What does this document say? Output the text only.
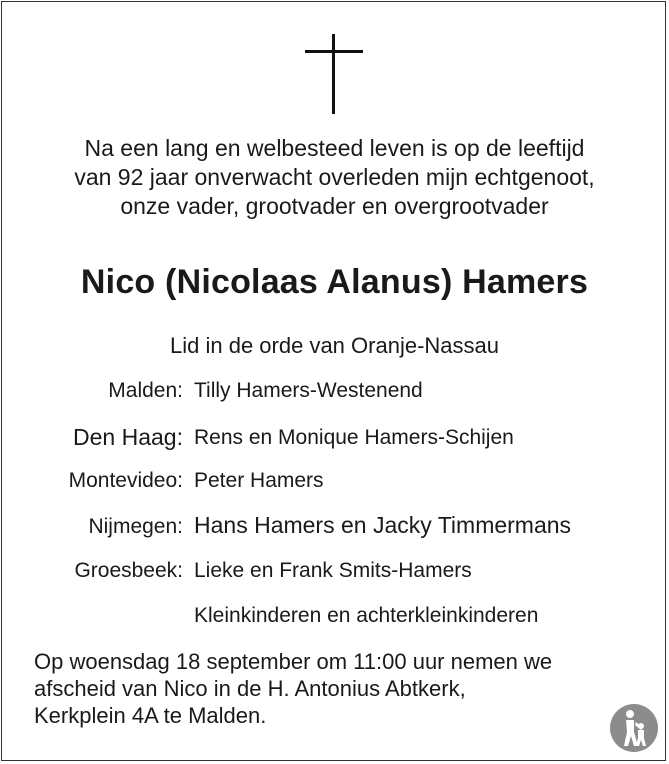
Na een lang en welbesteed leven is op de leeftijd
van 92 jaar onverwacht overleden mijn echtgenoot,
onze vader, grootvader en overgrootvader
Nico (Nicolaas Alanus) Hamers
Lid in de orde van Oranje-Nassau
Malden: Tilly Hamers-Westenend
Den Haag: Rens en Monique Hamers-Schijen
Montevideo: Peter Hamers
Nijmegen: Hans Hamers en Jacky Timmermans
Groesbeek: Lieke en Frank Smits-Hamers
Kleinkinderen en achterkleinkinderen
Op woensdag 18 september om 11:00 uur nemen we
afscheid van Nico in de H. Antonius Abtkerk,
Kerkplein 4A te Malden.
